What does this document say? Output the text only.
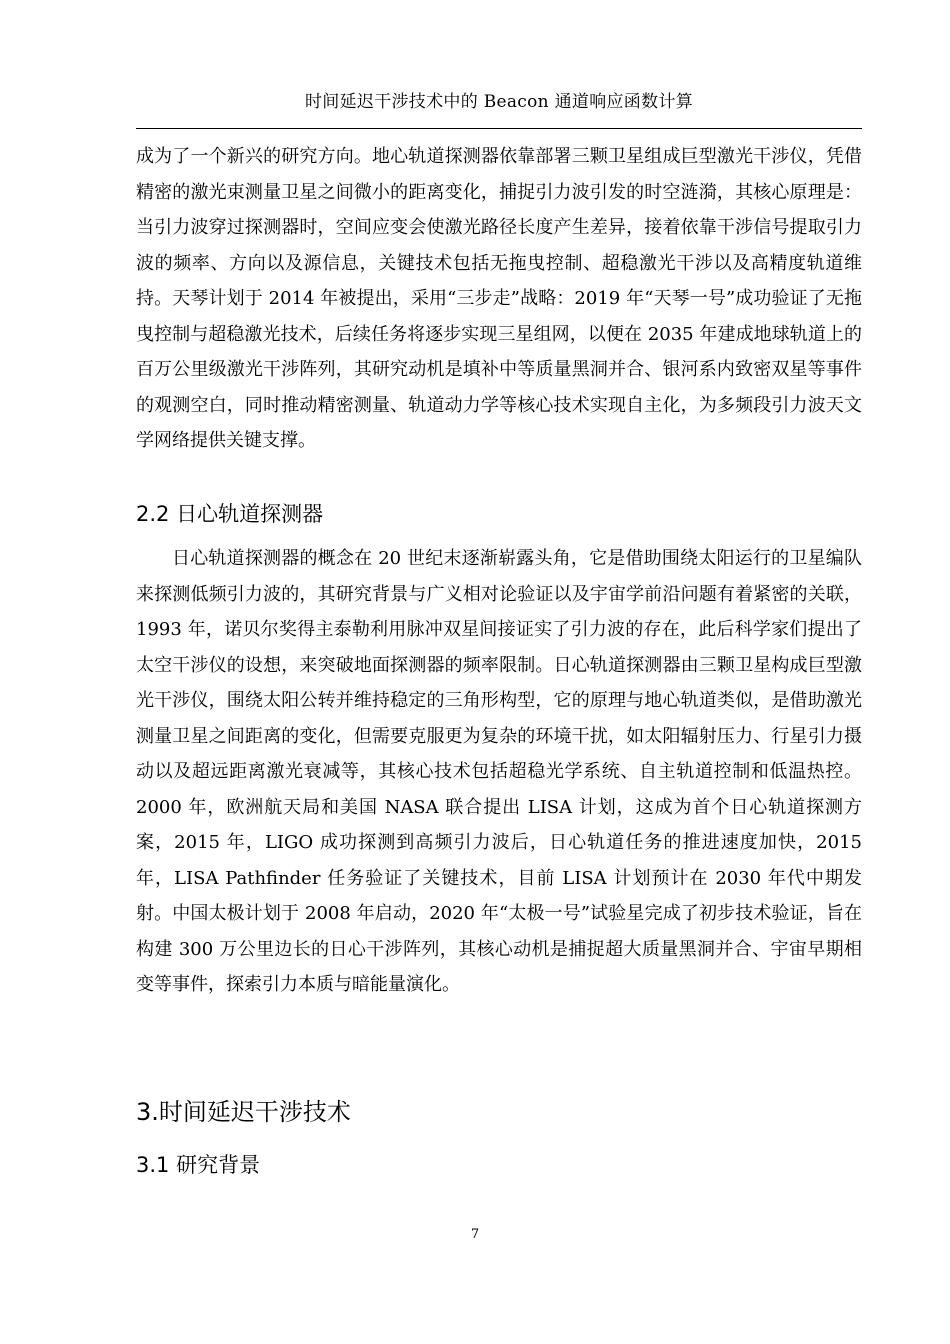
时间延迟干涉技术中的 Beacon 通道响应函数计算

成为了一个新兴的研究方向。地心轨道探测器依靠部署三颗卫星组成巨型激光干涉仪，凭借精密的激光束测量卫星之间微小的距离变化，捕捉引力波引发的时空涟漪，其核心原理是：当引力波穿过探测器时，空间应变会使激光路径长度产生差异，接着依靠干涉信号提取引力波的频率、方向以及源信息，关键技术包括无拖曳控制、超稳激光干涉以及高精度轨道维持。天琴计划于 2014 年被提出，采用“三步走”战略：2019 年“天琴一号”成功验证了无拖曳控制与超稳激光技术，后续任务将逐步实现三星组网，以便在 2035 年建成地球轨道上的百万公里级激光干涉阵列，其研究动机是填补中等质量黑洞并合、银河系内致密双星等事件的观测空白，同时推动精密测量、轨道动力学等核心技术实现自主化，为多频段引力波天文学网络提供关键支撑。

2.2 日心轨道探测器

日心轨道探测器的概念在 20 世纪末逐渐崭露头角，它是借助围绕太阳运行的卫星编队来探测低频引力波的，其研究背景与广义相对论验证以及宇宙学前沿问题有着紧密的关联，1993 年，诺贝尔奖得主泰勒利用脉冲双星间接证实了引力波的存在，此后科学家们提出了太空干涉仪的设想，来突破地面探测器的频率限制。日心轨道探测器由三颗卫星构成巨型激光干涉仪，围绕太阳公转并维持稳定的三角形构型，它的原理与地心轨道类似，是借助激光测量卫星之间距离的变化，但需要克服更为复杂的环境干扰，如太阳辐射压力、行星引力摄动以及超远距离激光衰减等，其核心技术包括超稳光学系统、自主轨道控制和低温热控。2000 年，欧洲航天局和美国 NASA 联合提出 LISA 计划，这成为首个日心轨道探测方案，2015 年，LIGO 成功探测到高频引力波后，日心轨道任务的推进速度加快，2015 年，LISA Pathfinder 任务验证了关键技术，目前 LISA 计划预计在 2030 年代中期发射。中国太极计划于 2008 年启动，2020 年“太极一号”试验星完成了初步技术验证，旨在构建 300 万公里边长的日心干涉阵列，其核心动机是捕捉超大质量黑洞并合、宇宙早期相变等事件，探索引力本质与暗能量演化。

3.时间延迟干涉技术
3.1 研究背景
7
